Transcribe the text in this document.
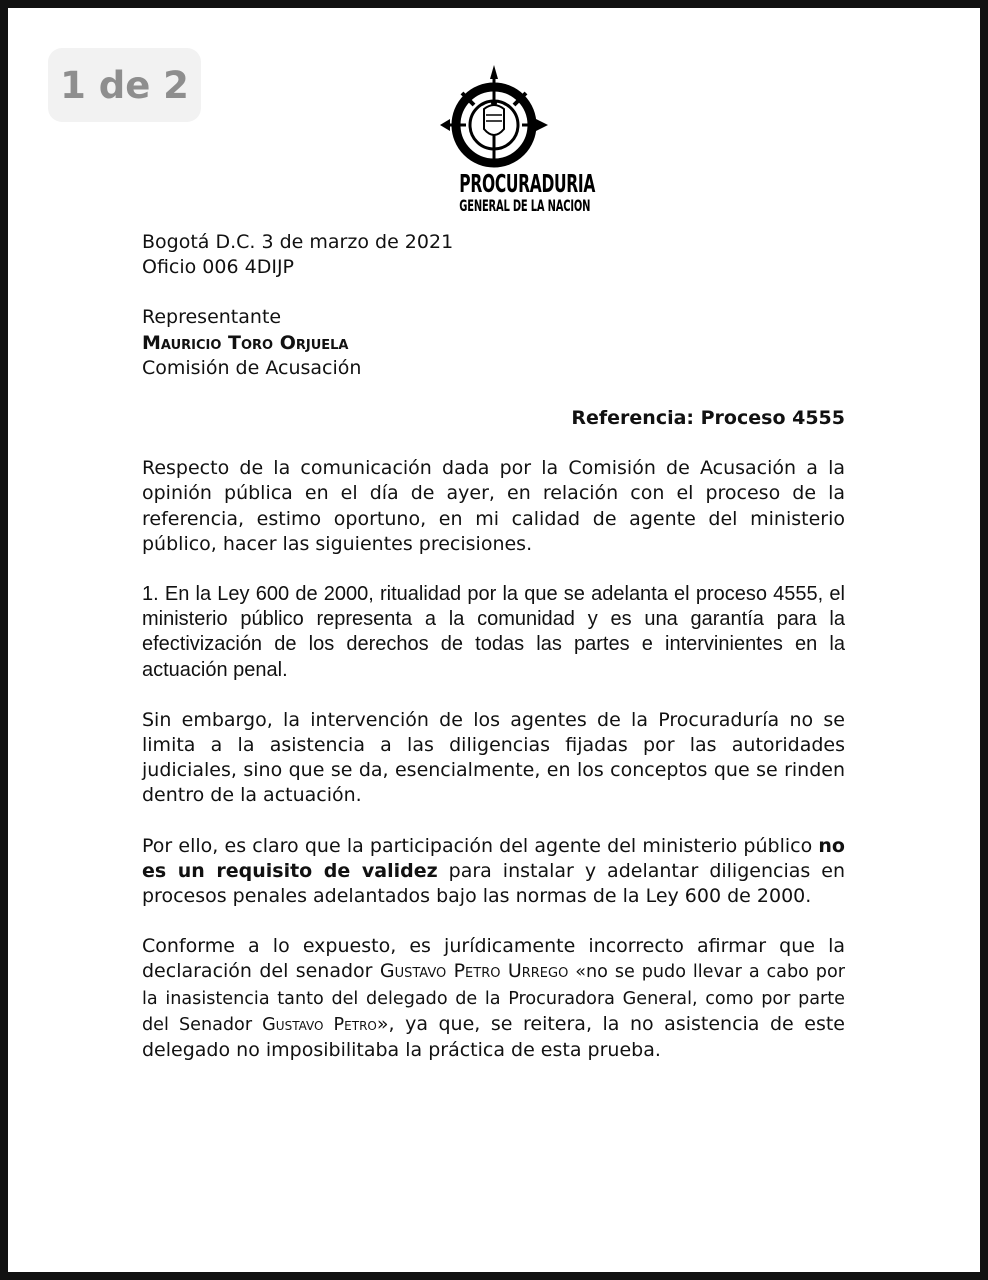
1 de 2
PROCURADURIA
GENERAL DE LA NACION

Bogotá D.C. 3 de marzo de 2021

Oficio 006 4DIJP

Representante

Mauricio Toro Orjuela

Comisión de Acusación

Referencia: Proceso 4555

Respecto de la comunicación dada por la Comisión de Acusación a la opinión pública en el día de ayer, en relación con el proceso de la referencia, estimo oportuno, en mi calidad de agente del ministerio público, hacer las siguientes precisiones.

1. En la Ley 600 de 2000, ritualidad por la que se adelanta el proceso 4555, el ministerio público representa a la comunidad y es una garantía para la efectivización de los derechos de todas las partes e intervinientes en la actuación penal.

Sin embargo, la intervención de los agentes de la Procuraduría no se limita a la asistencia a las diligencias fijadas por las autoridades judiciales, sino que se da, esencialmente, en los conceptos que se rinden dentro de la actuación.

Por ello, es claro que la participación del agente del ministerio público no es un requisito de validez para instalar y adelantar diligencias en procesos penales adelantados bajo las normas de la Ley 600 de 2000.

Conforme a lo expuesto, es jurídicamente incorrecto afirmar que la declaración del senador Gustavo Petro Urrego «no se pudo llevar a cabo por la inasistencia tanto del delegado de la Procuradora General, como por parte del Senador Gustavo Petro», ya que, se reitera, la no asistencia de este delegado no imposibilitaba la práctica de esta prueba.
